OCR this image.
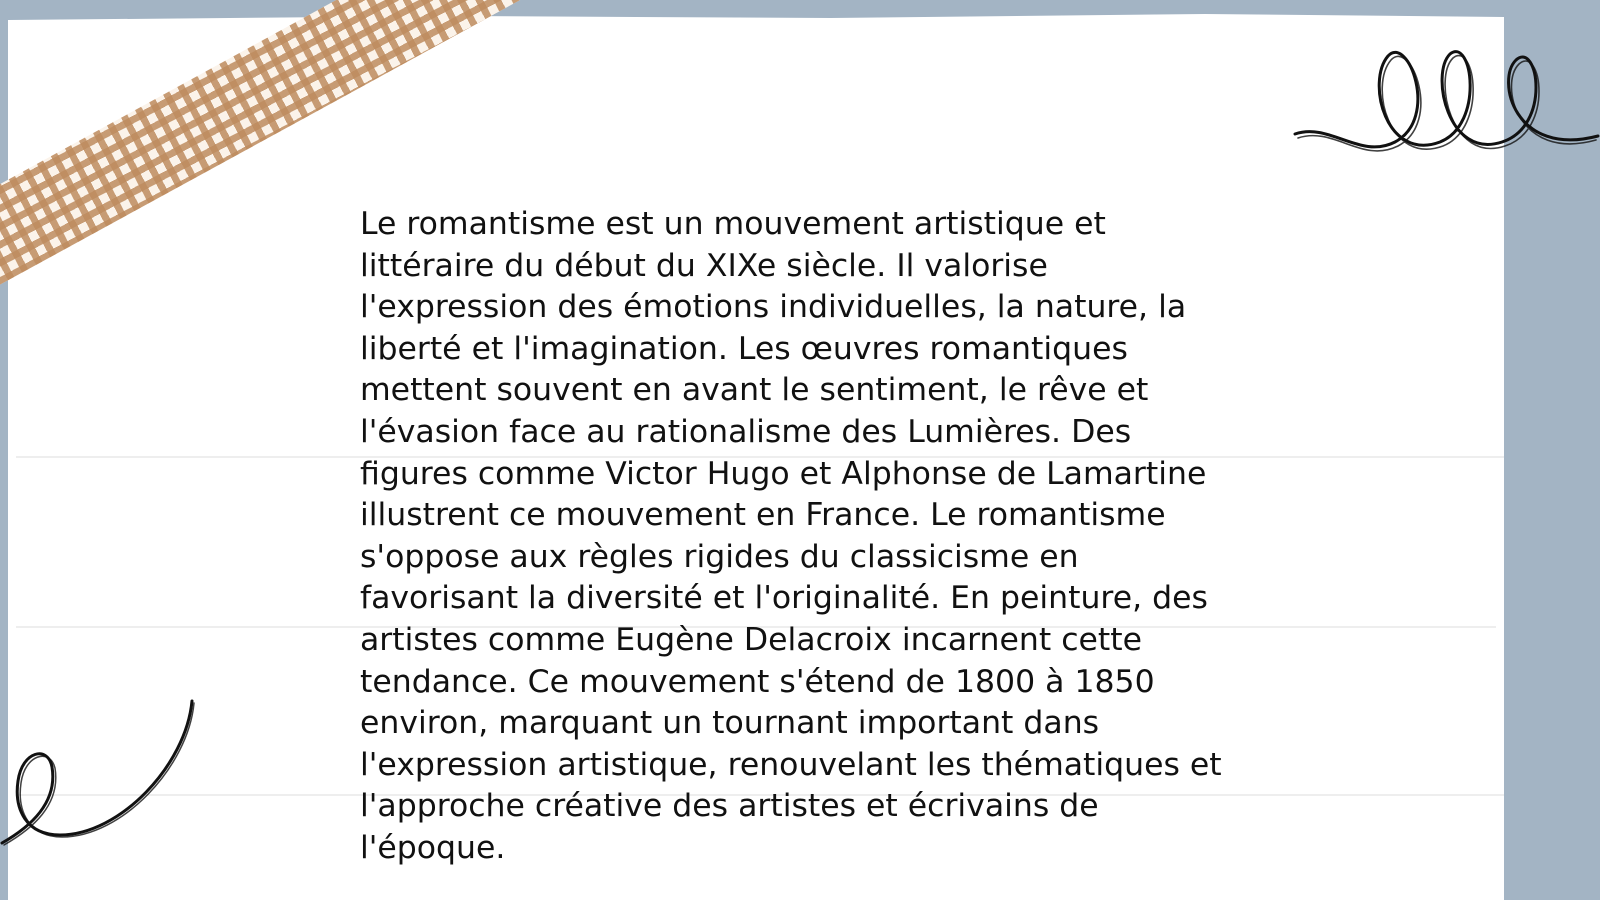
Le romantisme est un mouvement artistique et
littéraire du début du XIXe siècle. Il valorise
l'expression des émotions individuelles, la nature, la
liberté et l'imagination. Les œuvres romantiques
mettent souvent en avant le sentiment, le rêve et
l'évasion face au rationalisme des Lumières. Des
figures comme Victor Hugo et Alphonse de Lamartine
illustrent ce mouvement en France. Le romantisme
s'oppose aux règles rigides du classicisme en
favorisant la diversité et l'originalité. En peinture, des
artistes comme Eugène Delacroix incarnent cette
tendance. Ce mouvement s'étend de 1800 à 1850
environ, marquant un tournant important dans
l'expression artistique, renouvelant les thématiques et
l'approche créative des artistes et écrivains de
l'époque.
